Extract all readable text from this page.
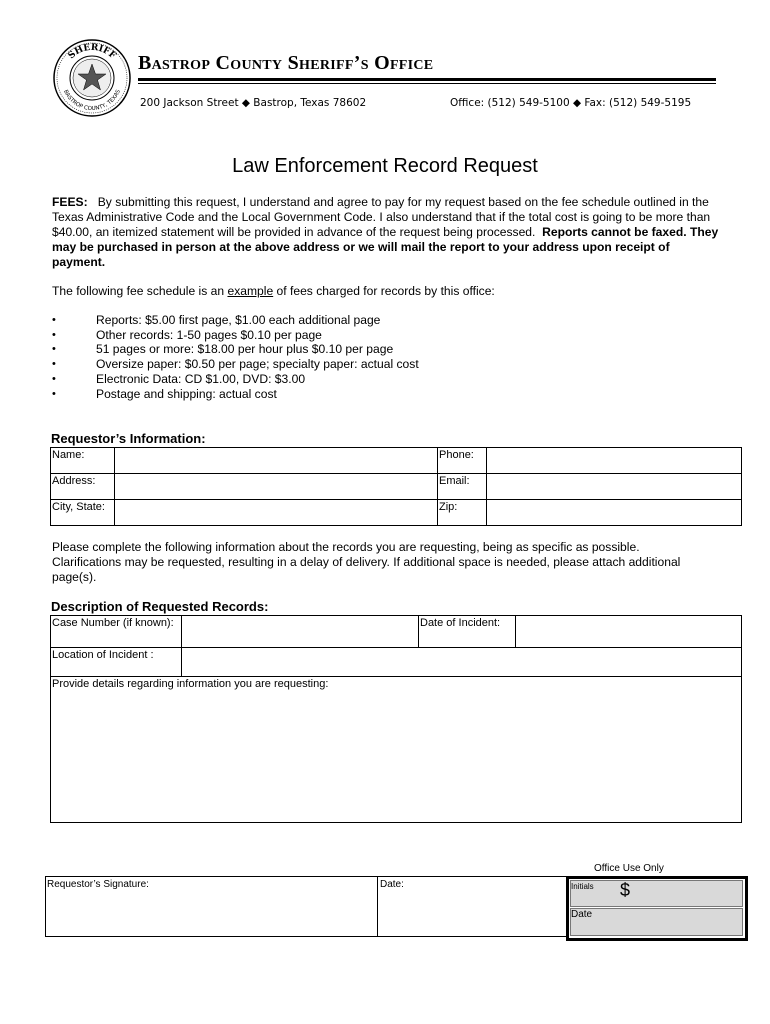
SHERIFF
BASTROP COUNTY, TEXAS
Bastrop County Sheriff’s Office
200 Jackson Street ◆ Bastrop, Texas 78602	Office: (512) 549-5100 ◆ Fax: (512) 549-5195
Law Enforcement Record Request
FEES: By submitting this request, I understand and agree to pay for my request based on the fee schedule outlined in the Texas Administrative Code and the Local Government Code. I also understand that if the total cost is going to be more than $40.00, an itemized statement will be provided in advance of the request being processed. Reports cannot be faxed. They may be purchased in person at the above address or we will mail the report to your address upon receipt of payment.
The following fee schedule is an example of fees charged for records by this office:
• Reports: $5.00 first page, $1.00 each additional page
• Other records: 1-50 pages $0.10 per page
• 51 pages or more: $18.00 per hour plus $0.10 per page
• Oversize paper: $0.50 per page; specialty paper: actual cost
• Electronic Data: CD $1.00, DVD: $3.00
• Postage and shipping: actual cost
Requestor’s Information:
Name:		Phone:	
Address:		Email:	
City, State:		Zip:	
Please complete the following information about the records you are requesting, being as specific as possible. Clarifications may be requested, resulting in a delay of delivery. If additional space is needed, please attach additional page(s).
Description of Requested Records:
Case Number (if known):		Date of Incident:	
Location of Incident :			
Provide details regarding information you are requesting:			
Office Use Only
Requestor’s Signature:	Date:	Initials $
Date
